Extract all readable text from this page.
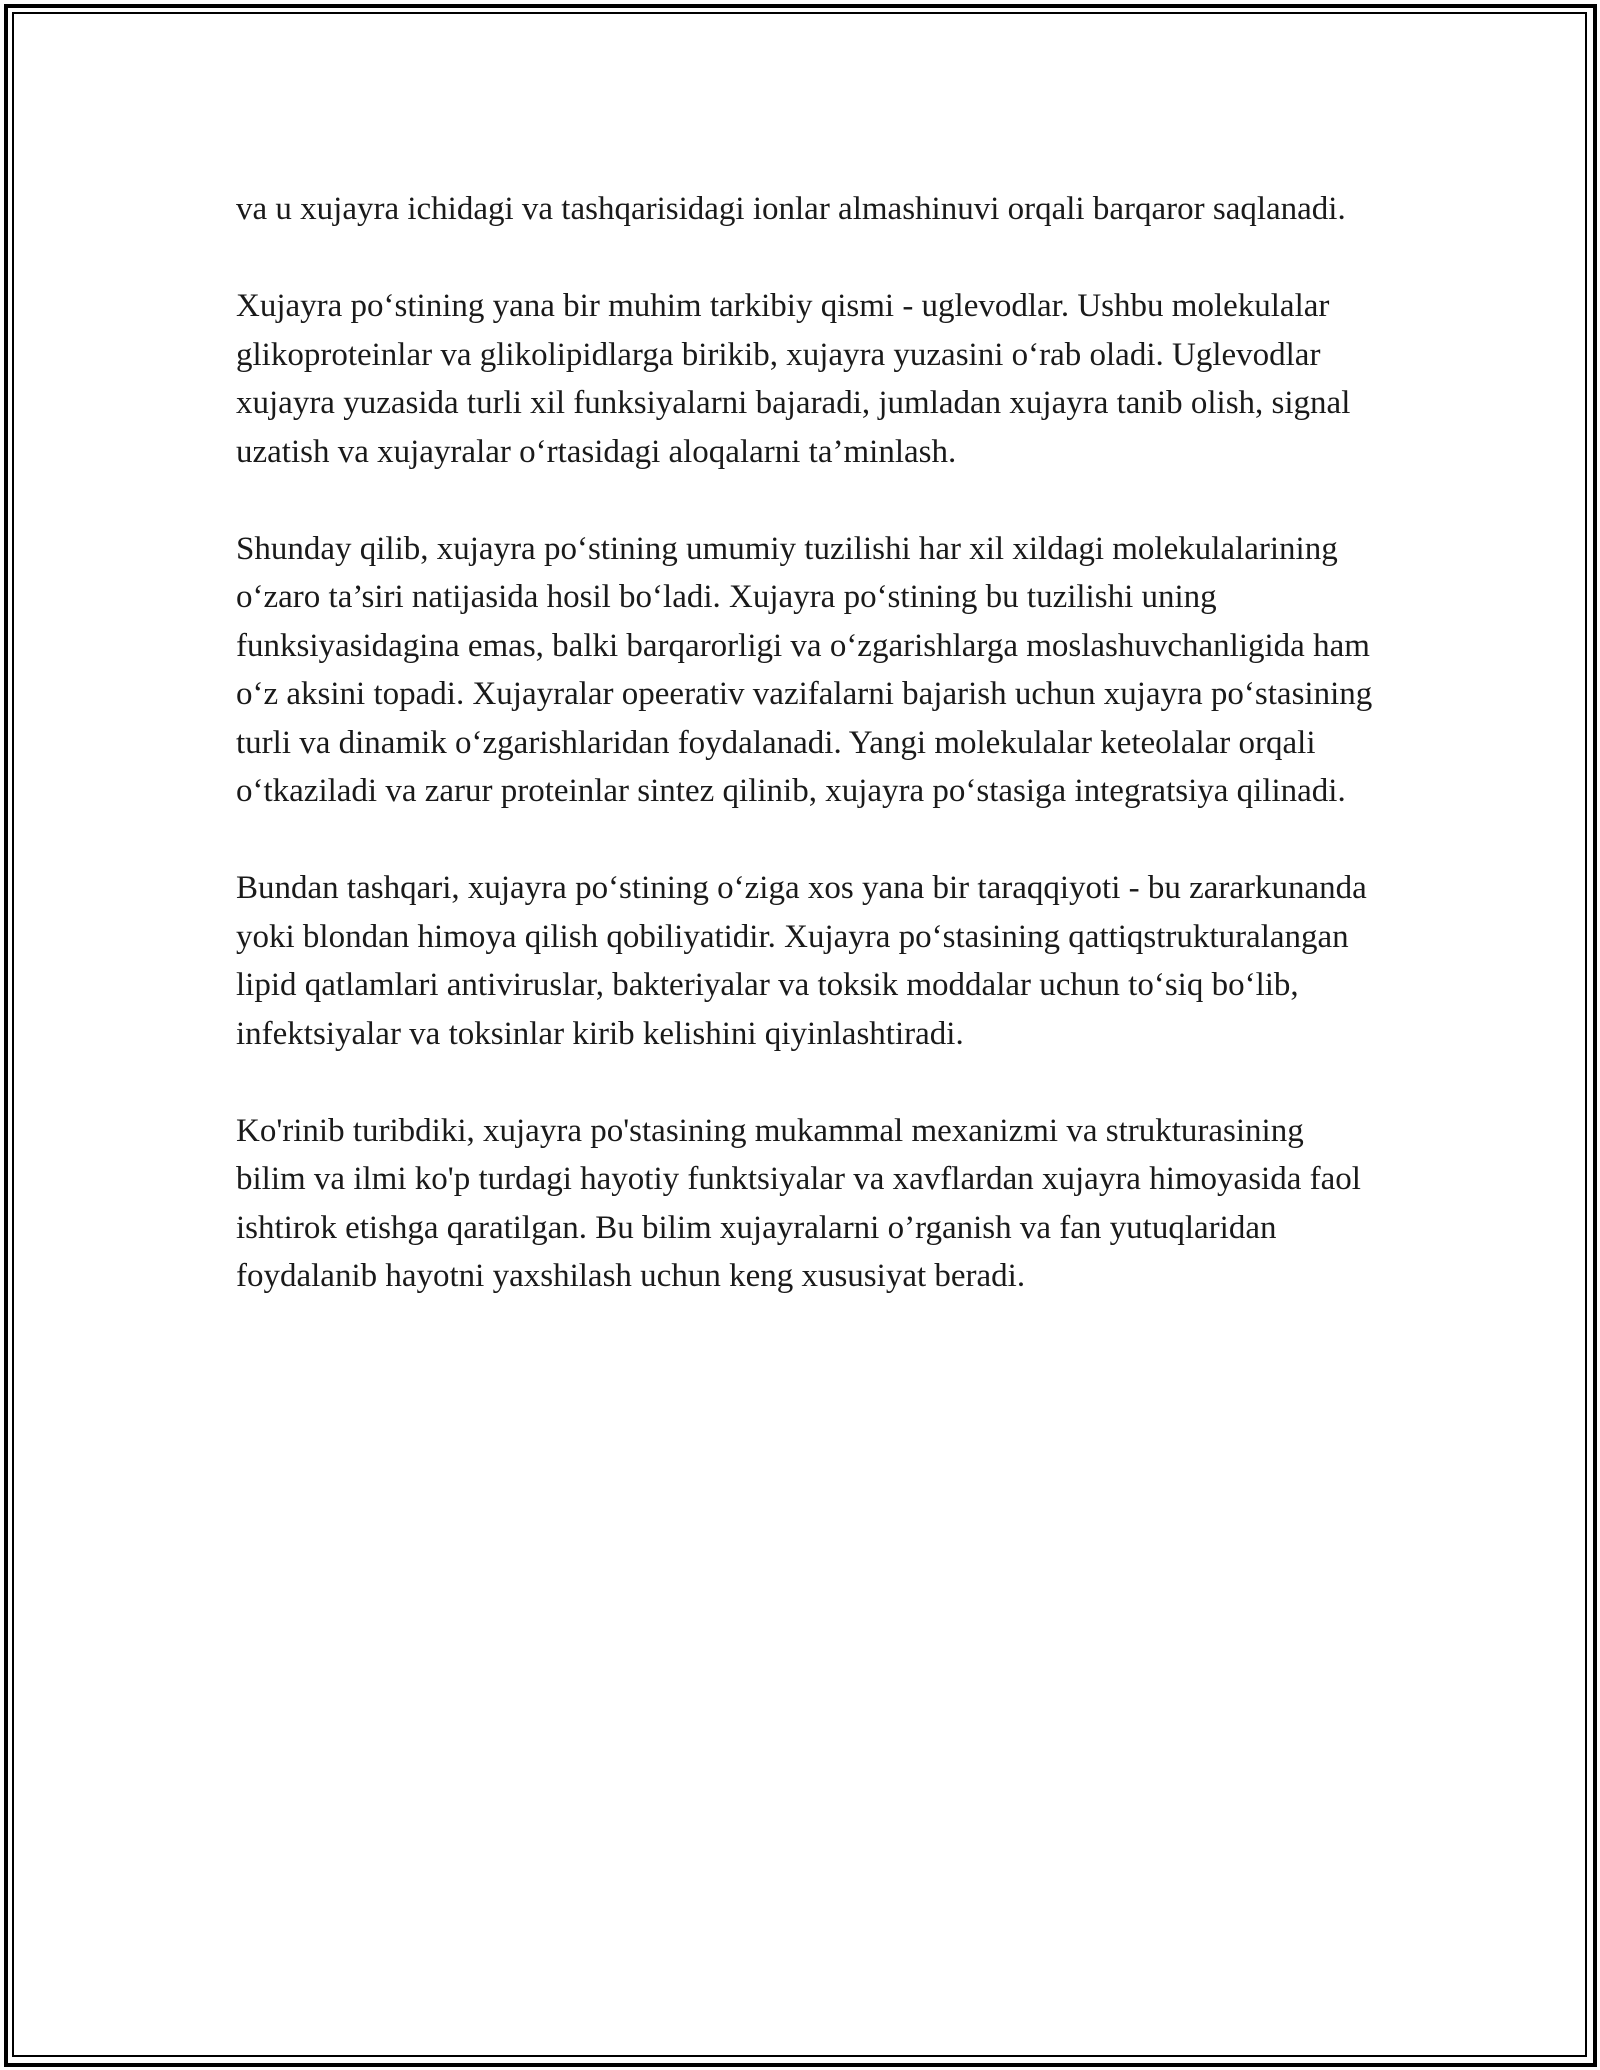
va u xujayra ichidagi va tashqarisidagi ionlar almashinuvi orqali barqaror saqlanadi.

Xujayra po‘stining yana bir muhim tarkibiy qismi - uglevodlar. Ushbu molekulalar glikoproteinlar va glikolipidlarga birikib, xujayra yuzasini o‘rab oladi. Uglevodlar xujayra yuzasida turli xil funksiyalarni bajaradi, jumladan xujayra tanib olish, signal uzatish va xujayralar o‘rtasidagi aloqalarni ta’minlash.

Shunday qilib, xujayra po‘stining umumiy tuzilishi har xil xildagi molekulalarining o‘zaro ta’siri natijasida hosil bo‘ladi. Xujayra po‘stining bu tuzilishi uning funksiyasidagina emas, balki barqarorligi va o‘zgarishlarga moslashuvchanligida ham o‘z aksini topadi. Xujayralar opeerativ vazifalarni bajarish uchun xujayra po‘stasining turli va dinamik o‘zgarishlaridan foydalanadi. Yangi molekulalar keteolalar orqali o‘tkaziladi va zarur proteinlar sintez qilinib, xujayra po‘stasiga integratsiya qilinadi.

Bundan tashqari, xujayra po‘stining o‘ziga xos yana bir taraqqiyoti - bu zararkunanda yoki blondan himoya qilish qobiliyatidir. Xujayra po‘stasining qattiqstrukturalangan lipid qatlamlari antiviruslar, bakteriyalar va toksik moddalar uchun to‘siq bo‘lib, infektsiyalar va toksinlar kirib kelishini qiyinlashtiradi.

Ko'rinib turibdiki, xujayra po'stasining mukammal mexanizmi va strukturasining bilim va ilmi ko'p turdagi hayotiy funktsiyalar va xavflardan xujayra himoyasida faol ishtirok etishga qaratilgan. Bu bilim xujayralarni o’rganish va fan yutuqlaridan foydalanib hayotni yaxshilash uchun keng xususiyat beradi.
